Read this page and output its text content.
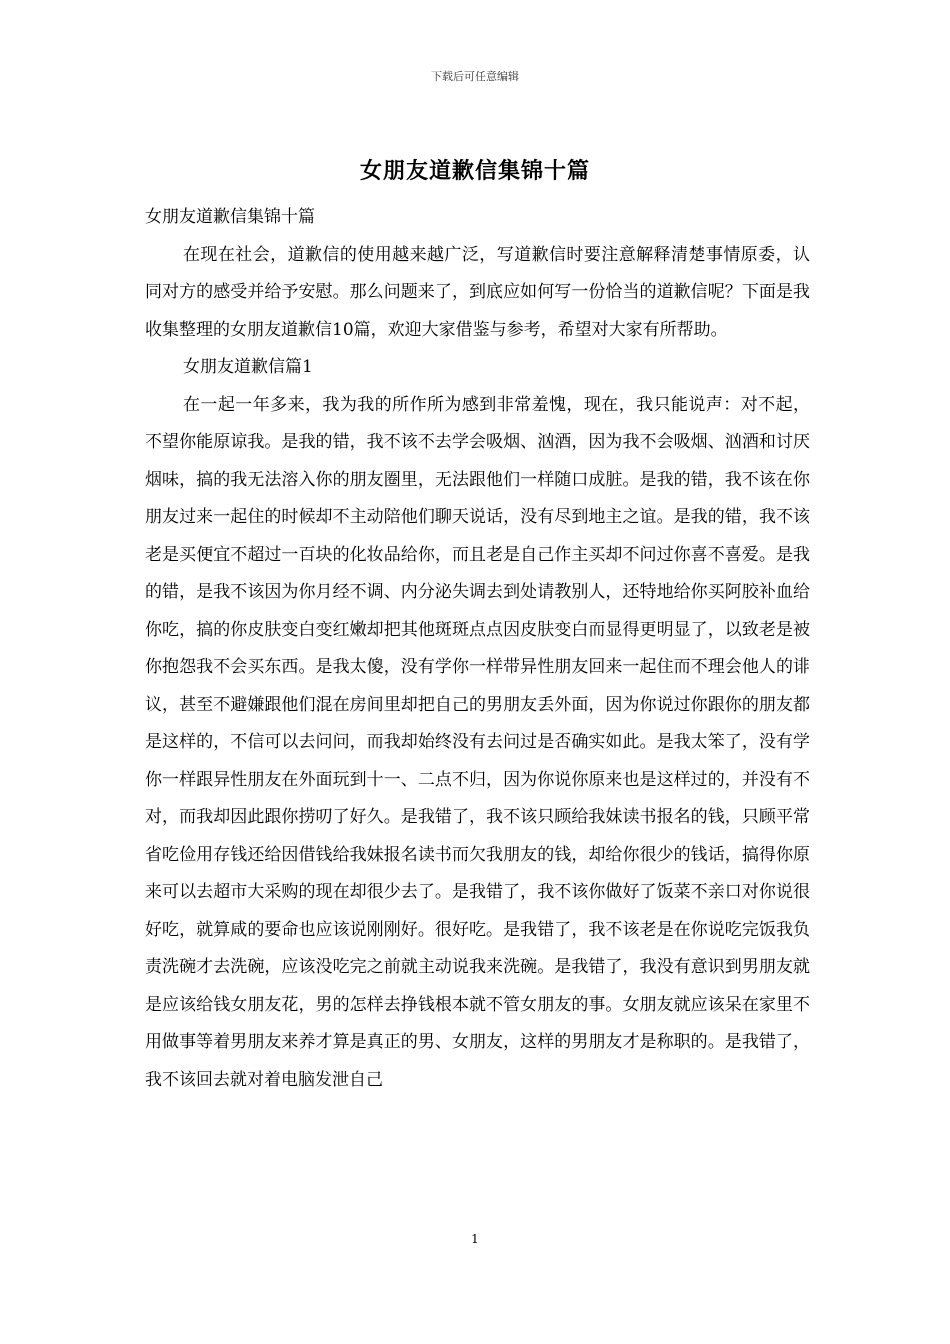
下载后可任意编辑
女朋友道歉信集锦十篇

女朋友道歉信集锦十篇

在现在社会，道歉信的使用越来越广泛，写道歉信时要注意解释清楚事情原委，认同对方的感受并给予安慰。那么问题来了，到底应如何写一份恰当的道歉信呢？下面是我收集整理的女朋友道歉信10篇，欢迎大家借鉴与参考，希望对大家有所帮助。

女朋友道歉信篇1

在一起一年多来，我为我的所作所为感到非常羞愧，现在，我只能说声：对不起，不望你能原谅我。是我的错，我不该不去学会吸烟、汹酒，因为我不会吸烟、汹酒和讨厌烟味，搞的我无法溶入你的朋友圈里，无法跟他们一样随口成脏。是我的错，我不该在你朋友过来一起住的时候却不主动陪他们聊天说话，没有尽到地主之谊。是我的错，我不该老是买便宜不超过一百块的化妆品给你，而且老是自己作主买却不问过你喜不喜爱。是我的错，是我不该因为你月经不调、内分泌失调去到处请教别人，还特地给你买阿胶补血给你吃，搞的你皮肤变白变红嫩却把其他斑斑点点因皮肤变白而显得更明显了，以致老是被你抱怨我不会买东西。是我太傻，没有学你一样带异性朋友回来一起住而不理会他人的诽议，甚至不避嫌跟他们混在房间里却把自己的男朋友丢外面，因为你说过你跟你的朋友都是这样的，不信可以去问问，而我却始终没有去问过是否确实如此。是我太笨了，没有学你一样跟异性朋友在外面玩到十一、二点不归，因为你说你原来也是这样过的，并没有不对，而我却因此跟你捞叨了好久。是我错了，我不该只顾给我妹读书报名的钱，只顾平常省吃俭用存钱还给因借钱给我妹报名读书而欠我朋友的钱，却给你很少的钱话，搞得你原来可以去超市大采购的现在却很少去了。是我错了，我不该你做好了饭菜不亲口对你说很好吃，就算咸的要命也应该说刚刚好。很好吃。是我错了，我不该老是在你说吃完饭我负责洗碗才去洗碗，应该没吃完之前就主动说我来洗碗。是我错了，我没有意识到男朋友就是应该给钱女朋友花，男的怎样去挣钱根本就不管女朋友的事。女朋友就应该呆在家里不用做事等着男朋友来养才算是真正的男、女朋友，这样的男朋友才是称职的。是我错了，我不该回去就对着电脑发泄自己

1
